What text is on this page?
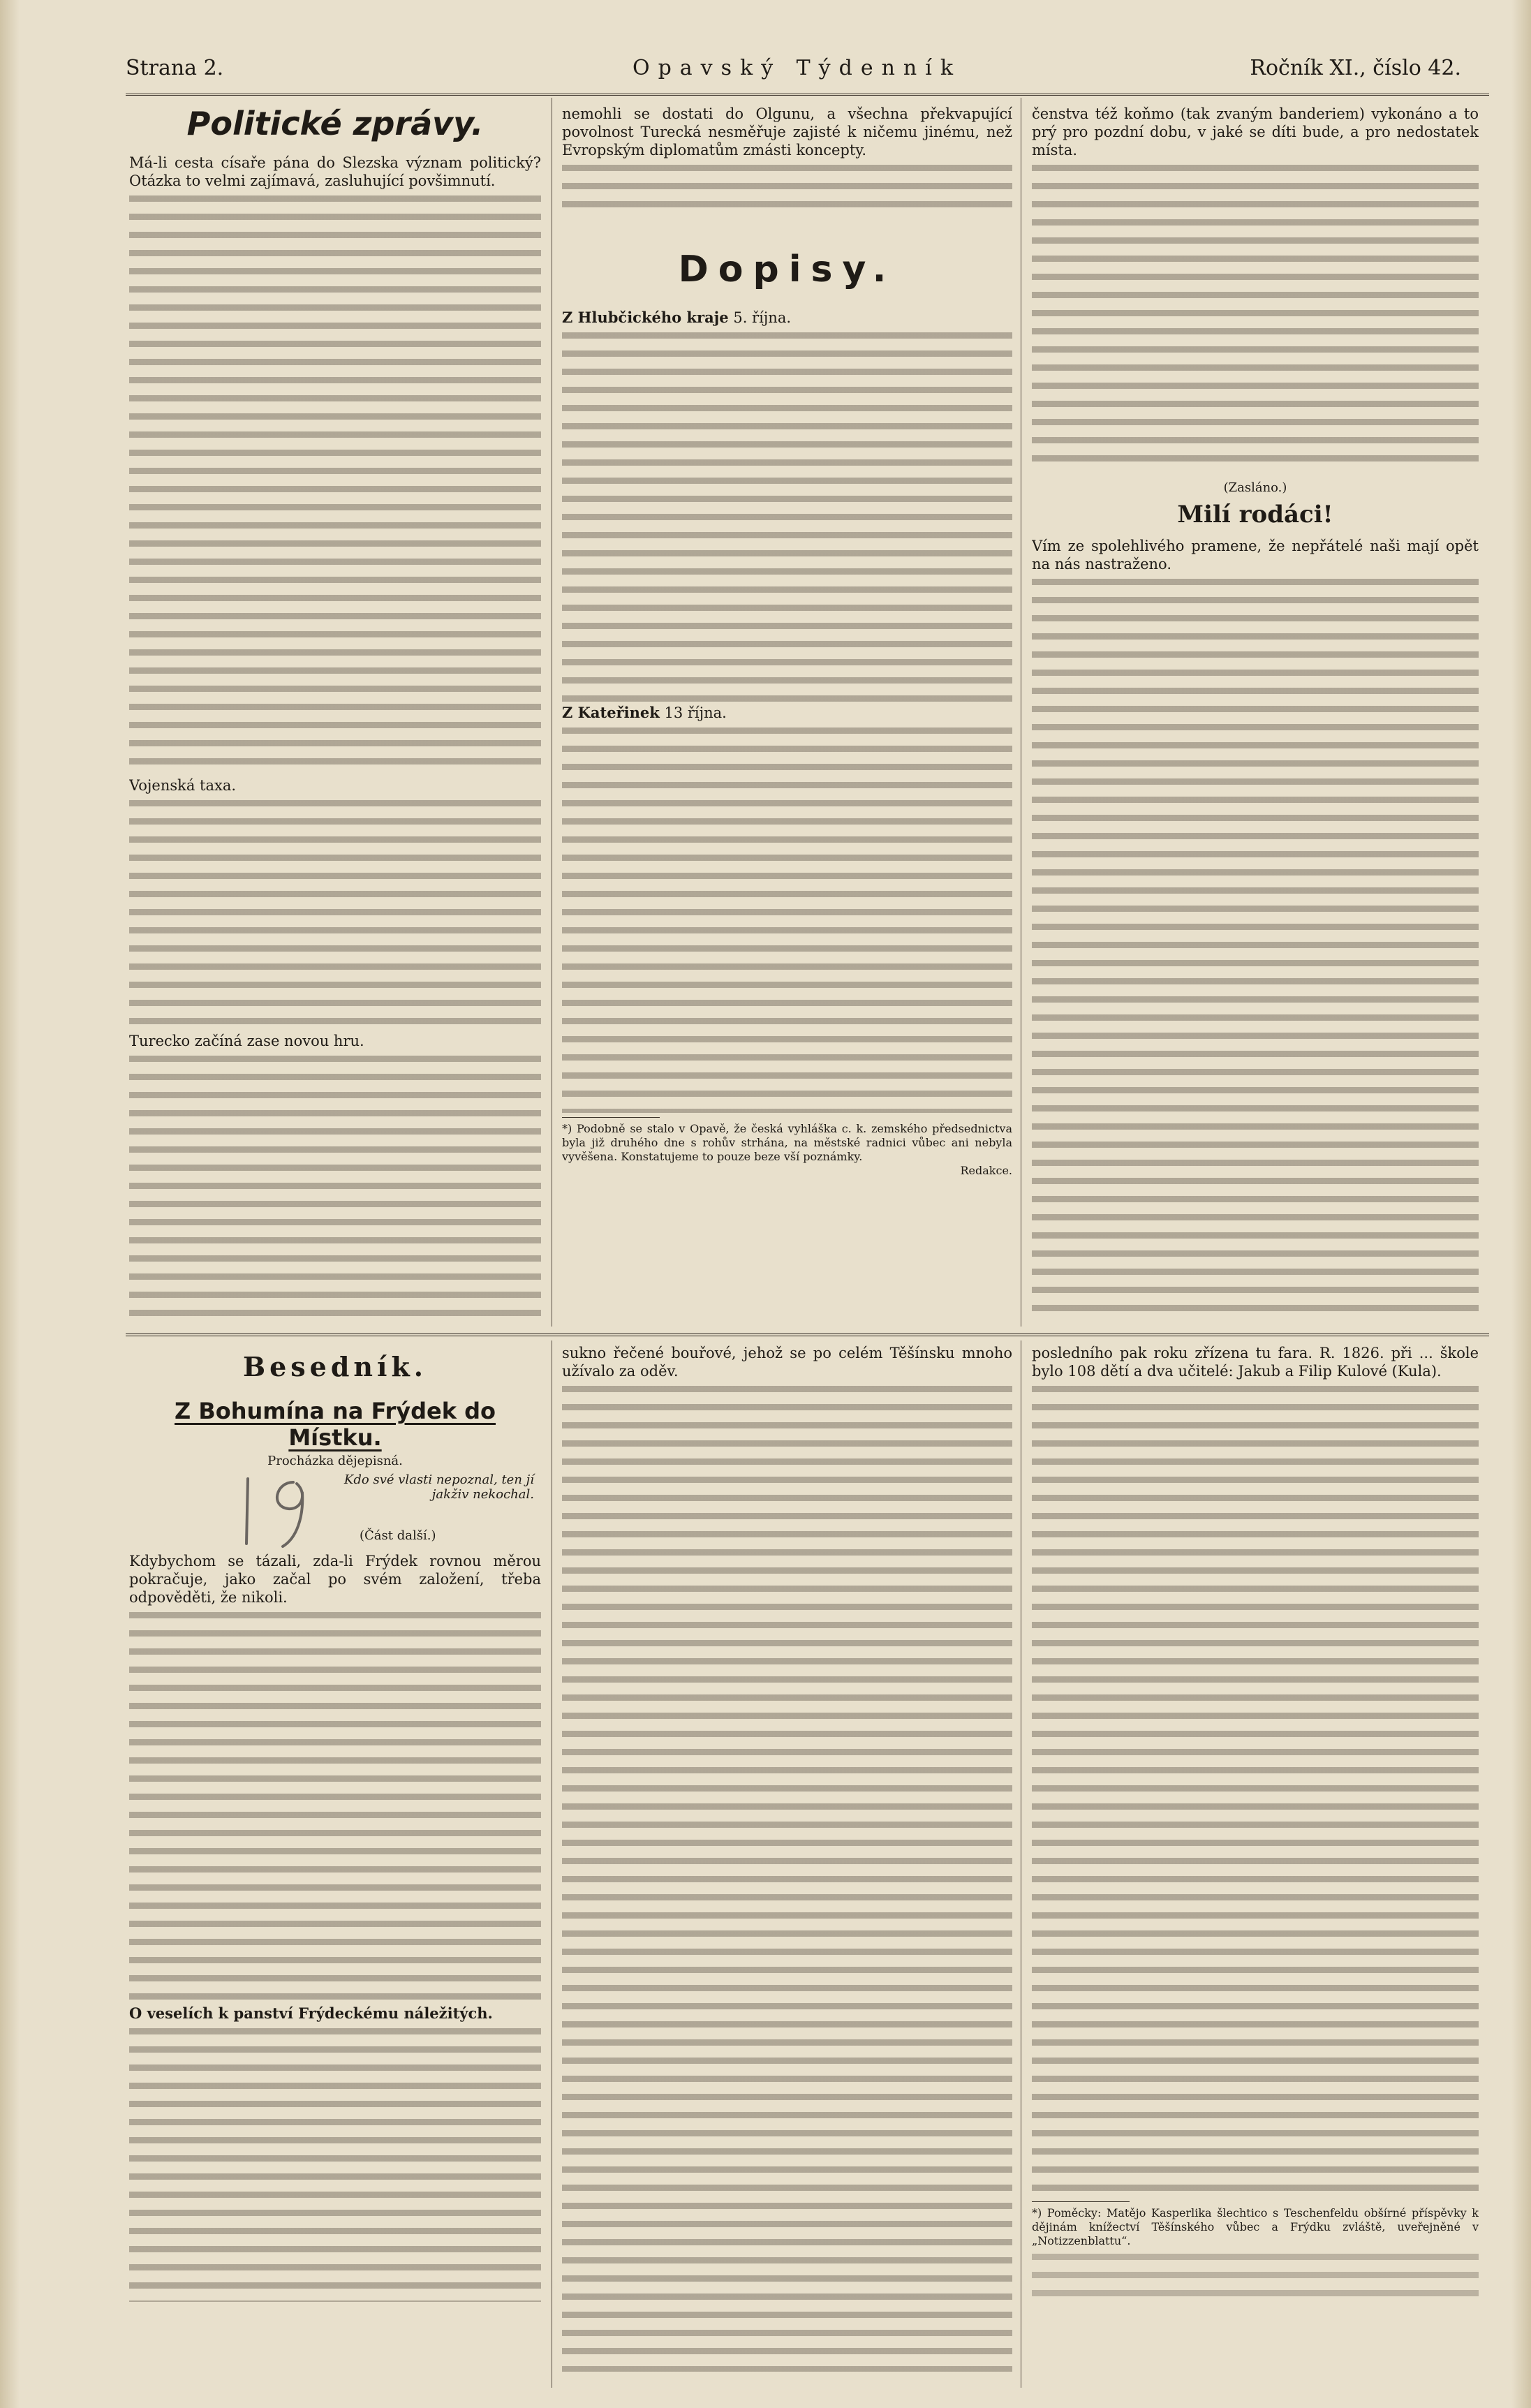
Strana 2.	Opavský Týdenník	Ročník XI., číslo 42.
Politické zprávy.

Má-li cesta císaře pána do Slezska význam politický? Otázka to velmi zajímavá, zasluhující povšimnutí.

Vojenská taxa.

Turecko začíná zase novou hru.

nemohli se dostati do Olgunu, a všechna překvapující povolnost Turecká nesměřuje zajisté k ničemu jinému, než Evropským diplomatům zmásti koncepty.

Dopisy.

Z Hlubčického kraje 5. října.

Z Kateřinek 13 října.

*) Podobně se stalo v Opavě, že česká vyhláška c. k. zemského předsednictva byla již druhého dne s rohův strhána, na městské radnici vůbec ani nebyla vyvěšena. Konstatujeme to pouze beze vší poznámky.
Redakce.

čenstva též koňmo (tak zvaným banderiem) vykonáno a to prý pro pozdní dobu, v jaké se díti bude, a pro nedostatek místa.

(Zasláno.)
Milí rodáci!

Vím ze spolehlivého pramene, že nepřátelé naši mají opět na nás nastraženo.

Besedník.
Z Bohumína na Frýdek do Místku.
Procházka dějepisná.
Kdo své vlasti nepoznal, ten jí jakživ nekochal.
(Část další.)

Kdybychom se tázali, zda-li Frýdek rovnou měrou pokračuje, jako začal po svém založení, třeba odpověděti, že nikoli.

O veselích k panství Frýdeckému náležitých.

sukno řečené bouřové, jehož se po celém Těšínsku mnoho užívalo za oděv.

posledního pak roku zřízena tu fara. R. 1826. při ... škole bylo 108 dětí a dva učitelé: Jakub a Filip Kulové (Kula).

*) Poměcky: Matějo Kasperlika šlechtico s Teschenfeldu obšírné příspěvky k dějinám knížectví Těšínského vůbec a Frýdku zvláště, uveřejněné v „Notizzenblattu“.
